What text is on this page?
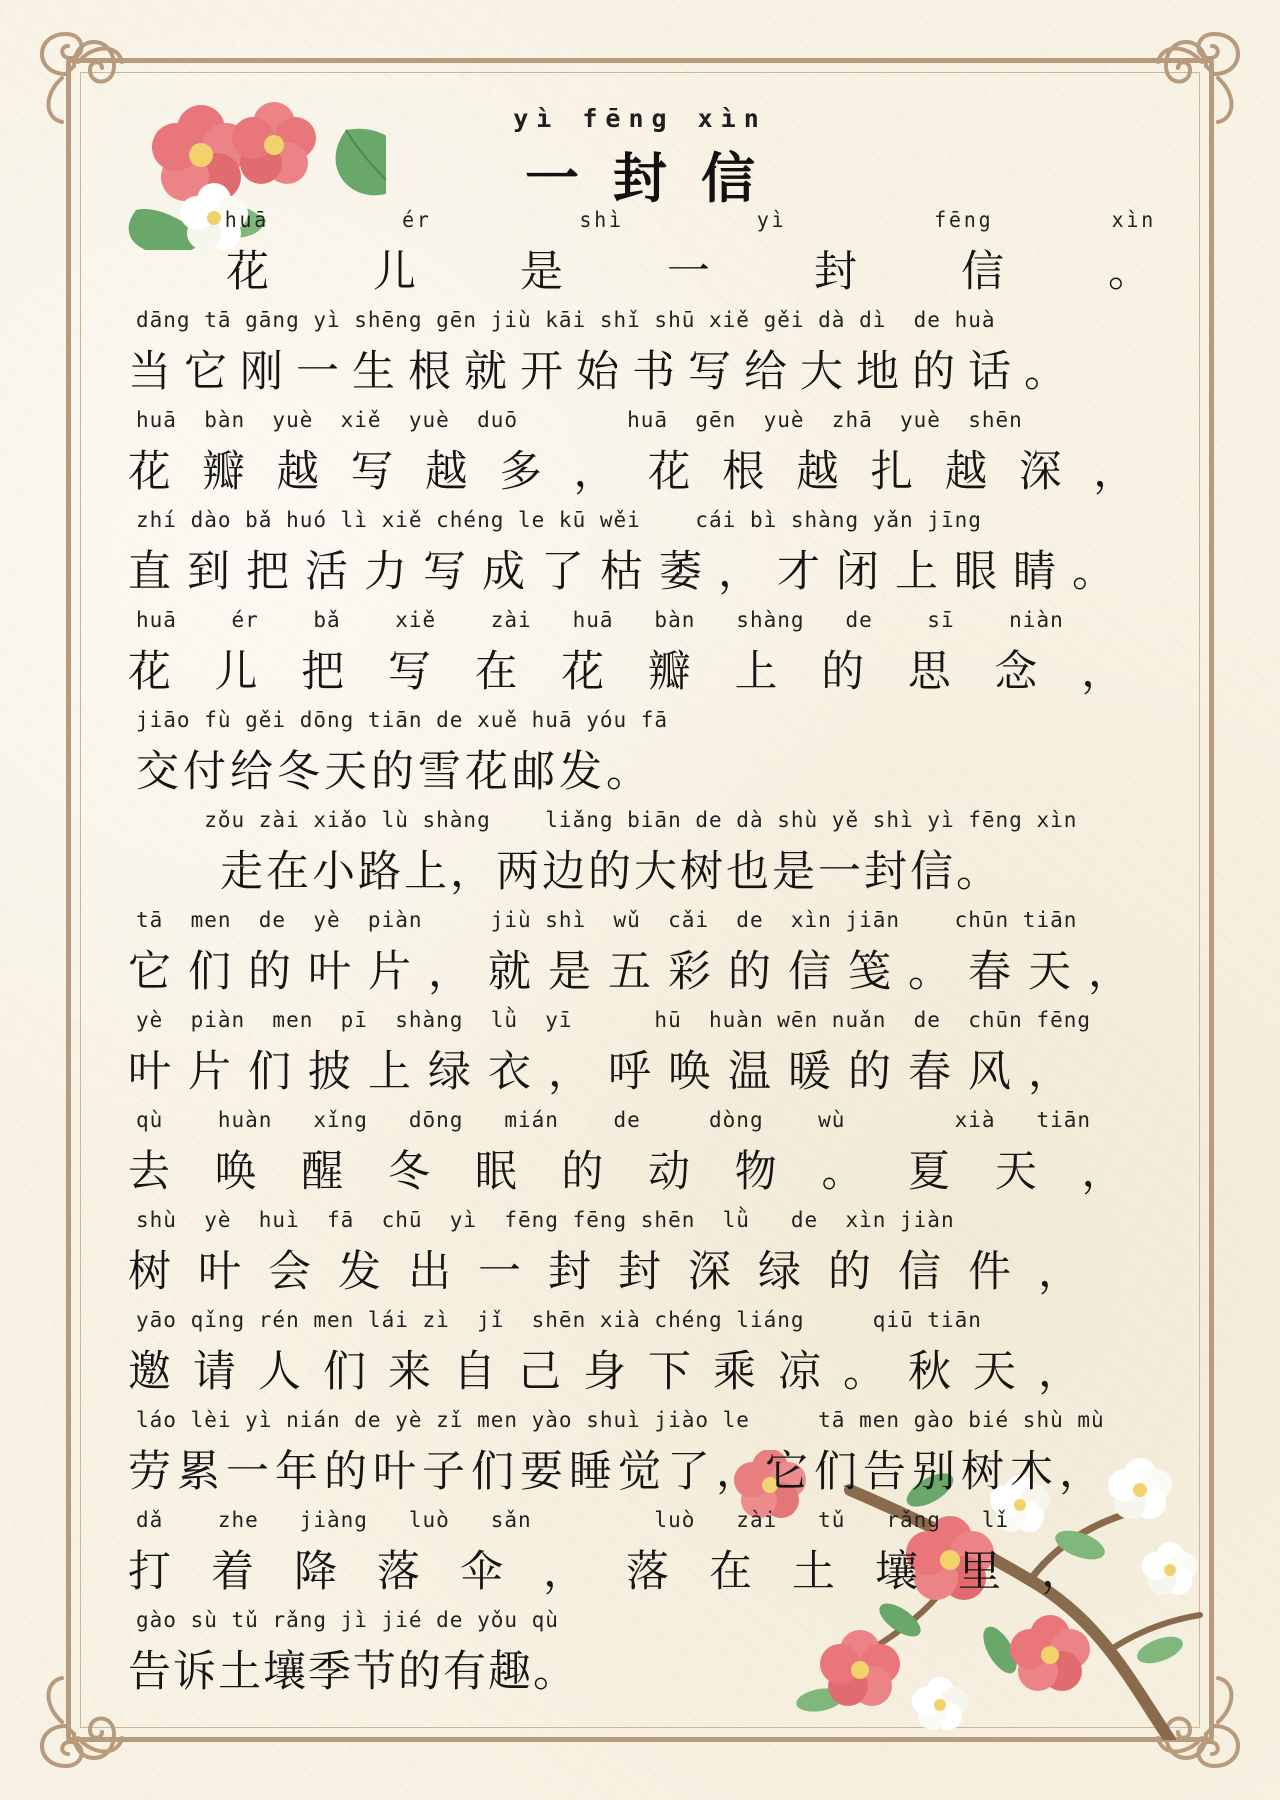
yì fēng xìn
一封信
huā         ér          shì         yì          fēng        xìn
　　花　　儿　　是　　一　　封　　信　　。
dāng tā gāng yì shēng gēn jiù kāi shǐ shū xiě gěi dà dì  de huà
当它刚一生根就开始书写给大地的话。
huā  bàn  yuè  xiě  yuè  duō        huā  gēn  yuè  zhā  yuè  shēn
花瓣越写越多，花根越扎越深，
zhí dào bǎ huó lì xiě chéng le kū wěi    cái bì shàng yǎn jīng
直到把活力写成了枯萎，才闭上眼睛。
huā    ér    bǎ    xiě    zài   huā   bàn   shàng   de    sī    niàn
花儿把写在花瓣上的思念，
jiāo fù gěi dōng tiān de xuě huā yóu fā
交付给冬天的雪花邮发。
zǒu zài xiǎo lù shàng    liǎng biān de dà shù yě shì yì fēng xìn
　　走在小路上，两边的大树也是一封信。
tā  men  de  yè  piàn     jiù shì  wǔ  cǎi  de  xìn jiān    chūn tiān
它们的叶片，就是五彩的信笺。春天，
yè  piàn  men  pī  shàng  lǜ  yī      hū  huàn wēn nuǎn  de  chūn fēng
叶片们披上绿衣，呼唤温暖的春风，
qù    huàn   xǐng   dōng   mián    de     dòng    wù        xià   tiān
去唤醒冬眠的动物。夏天，
shù  yè  huì  fā  chū  yì  fēng fēng shēn  lǜ   de  xìn jiàn
树叶会发出一封封深绿的信件，
yāo qǐng rén men lái zì  jǐ  shēn xià chéng liáng     qiū tiān
邀请人们来自己身下乘凉。秋天，
láo lèi yì nián de yè zǐ men yào shuì jiào le     tā men gào bié shù mù
劳累一年的叶子们要睡觉了，它们告别树木，
dǎ    zhe   jiàng   luò   sǎn         luò   zài   tǔ   rǎng   lǐ
打着降落伞，落在土壤里，
gào sù tǔ rǎng jì jié de yǒu qù
告诉土壤季节的有趣。
